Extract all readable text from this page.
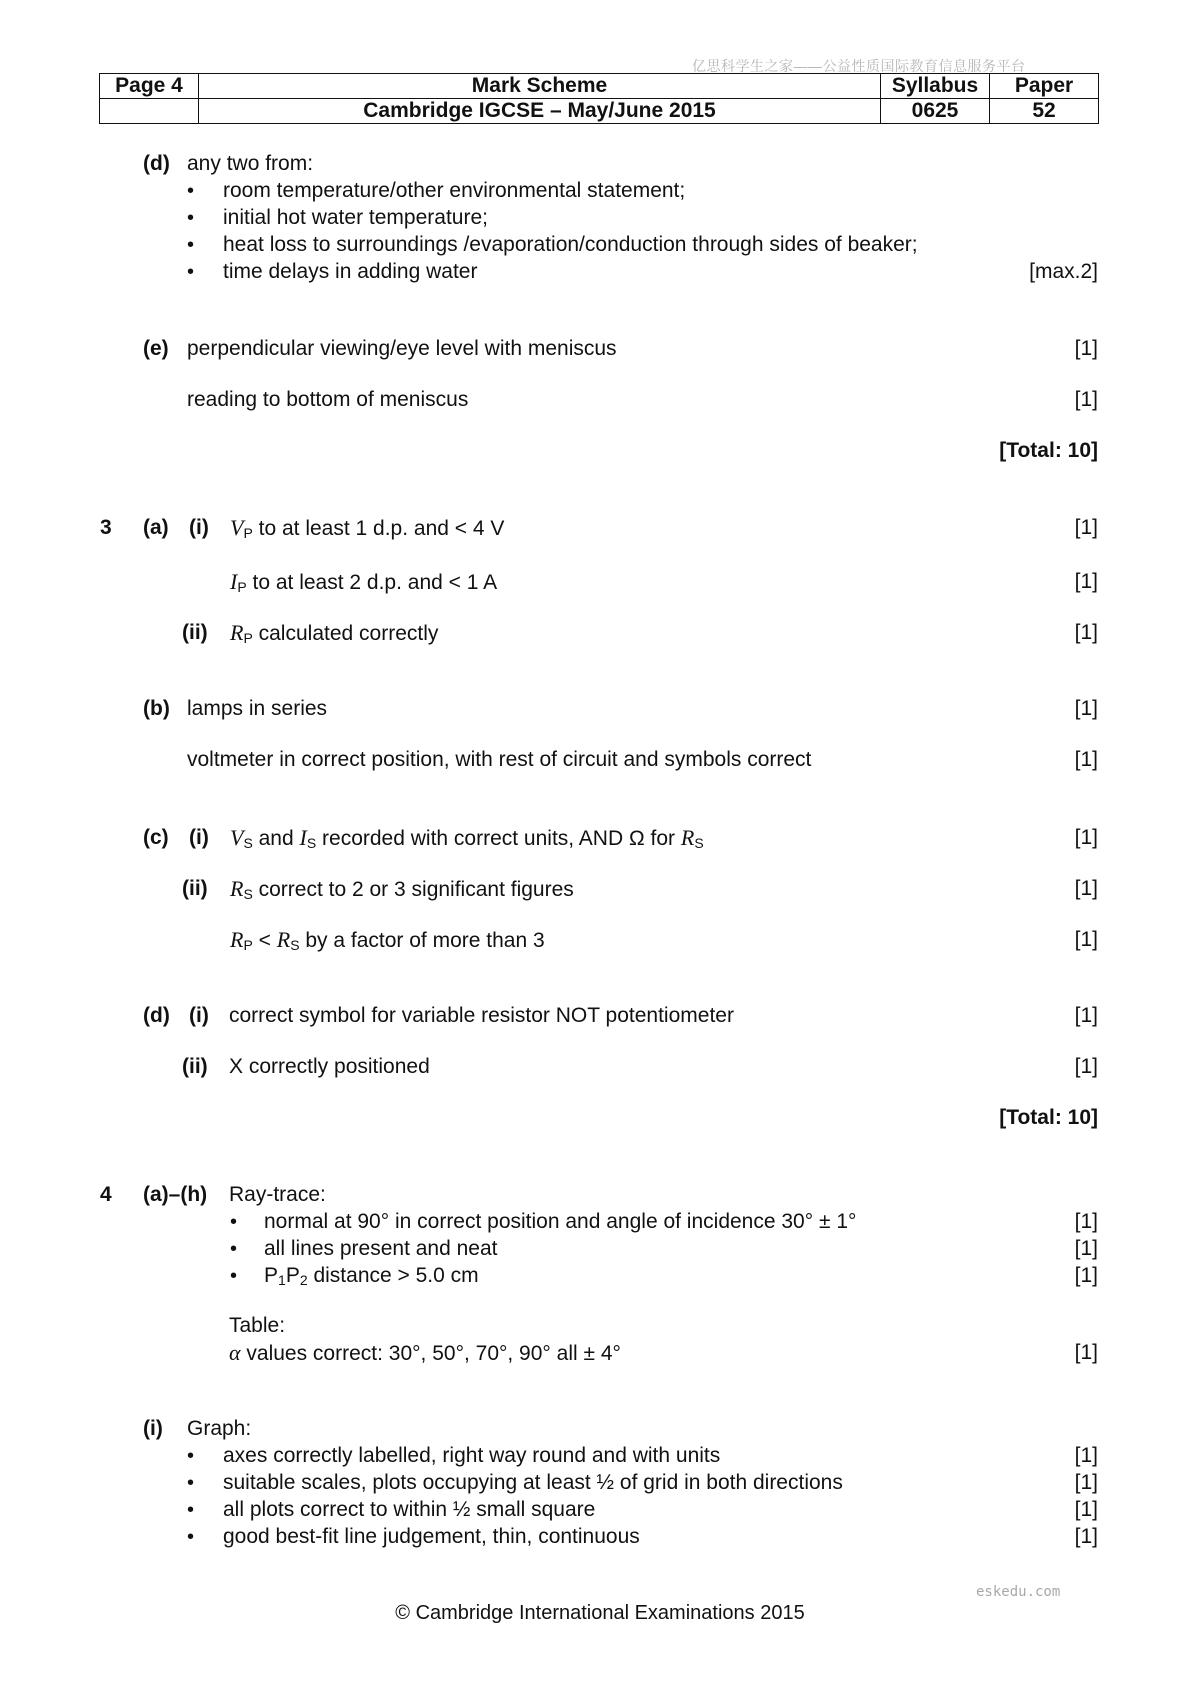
亿思科学生之家——公益性质国际教育信息服务平台
Page 4	Mark Scheme	Syllabus	Paper
	Cambridge IGCSE – May/June 2015	0625	52
(d) any two from:
• room temperature/other environmental statement;
• initial hot water temperature;
• heat loss to surroundings /evaporation/conduction through sides of beaker;
• time delays in adding water	[max.2]
(e) perpendicular viewing/eye level with meniscus	[1]
reading to bottom of meniscus	[1]
[Total: 10]
3 (a) (i) $V_P$ to at least 1 d.p. and < 4 V	[1]
$I_P$ to at least 2 d.p. and < 1 A	[1]
(ii) $R_P$ calculated correctly	[1]
(b) lamps in series	[1]
voltmeter in correct position, with rest of circuit and symbols correct	[1]
(c) (i) $V_S$ and $I_S$ recorded with correct units, AND Ω for $R_S$	[1]
(ii) $R_S$ correct to 2 or 3 significant figures	[1]
$R_P < R_S$ by a factor of more than 3	[1]
(d) (i) correct symbol for variable resistor NOT potentiometer	[1]
(ii) X correctly positioned	[1]
[Total: 10]
4 (a)–(h) Ray-trace:
• normal at 90° in correct position and angle of incidence 30° ± 1°	[1]
• all lines present and neat	[1]
• $P_1P_2$ distance > 5.0 cm	[1]
Table:
α values correct: 30°, 50°, 70°, 90° all ± 4°	[1]
(i) Graph:
• axes correctly labelled, right way round and with units	[1]
• suitable scales, plots occupying at least ½ of grid in both directions	[1]
• all plots correct to within ½ small square	[1]
• good best-fit line judgement, thin, continuous	[1]
eskedu.com
© Cambridge International Examinations 2015
